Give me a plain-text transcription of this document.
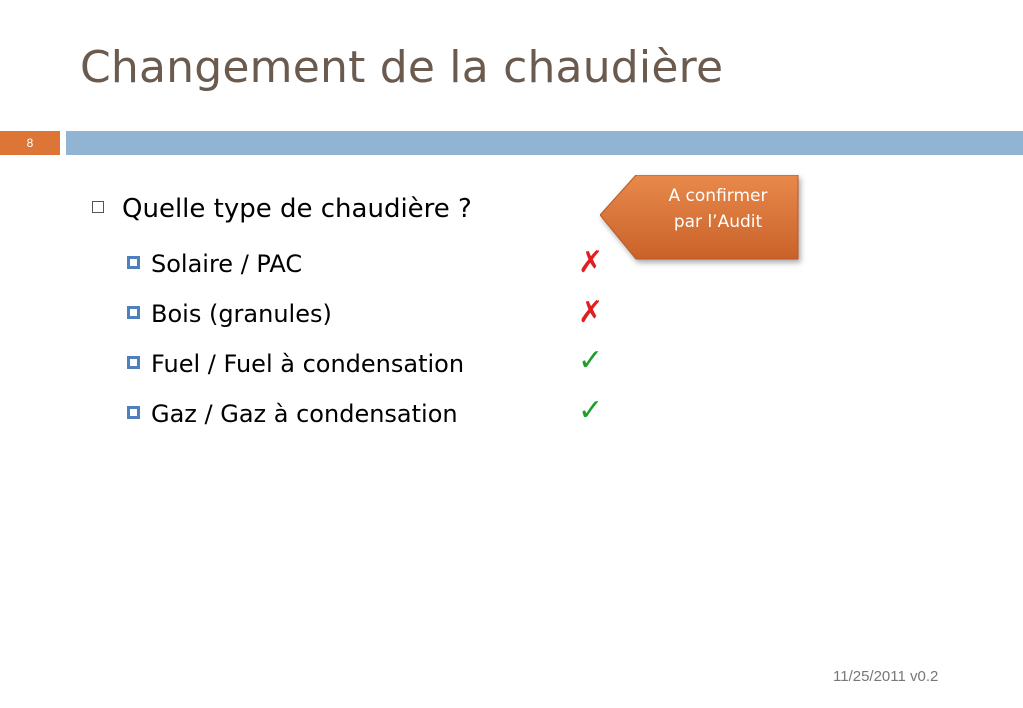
Changement de la chaudière
8
Quelle type de chaudière ?
Solaire / PAC	✗
Bois (granules)	✗
Fuel / Fuel à condensation	✓
Gaz / Gaz à condensation	✓
A confirmer
par l’Audit
11/25/2011 v0.2
